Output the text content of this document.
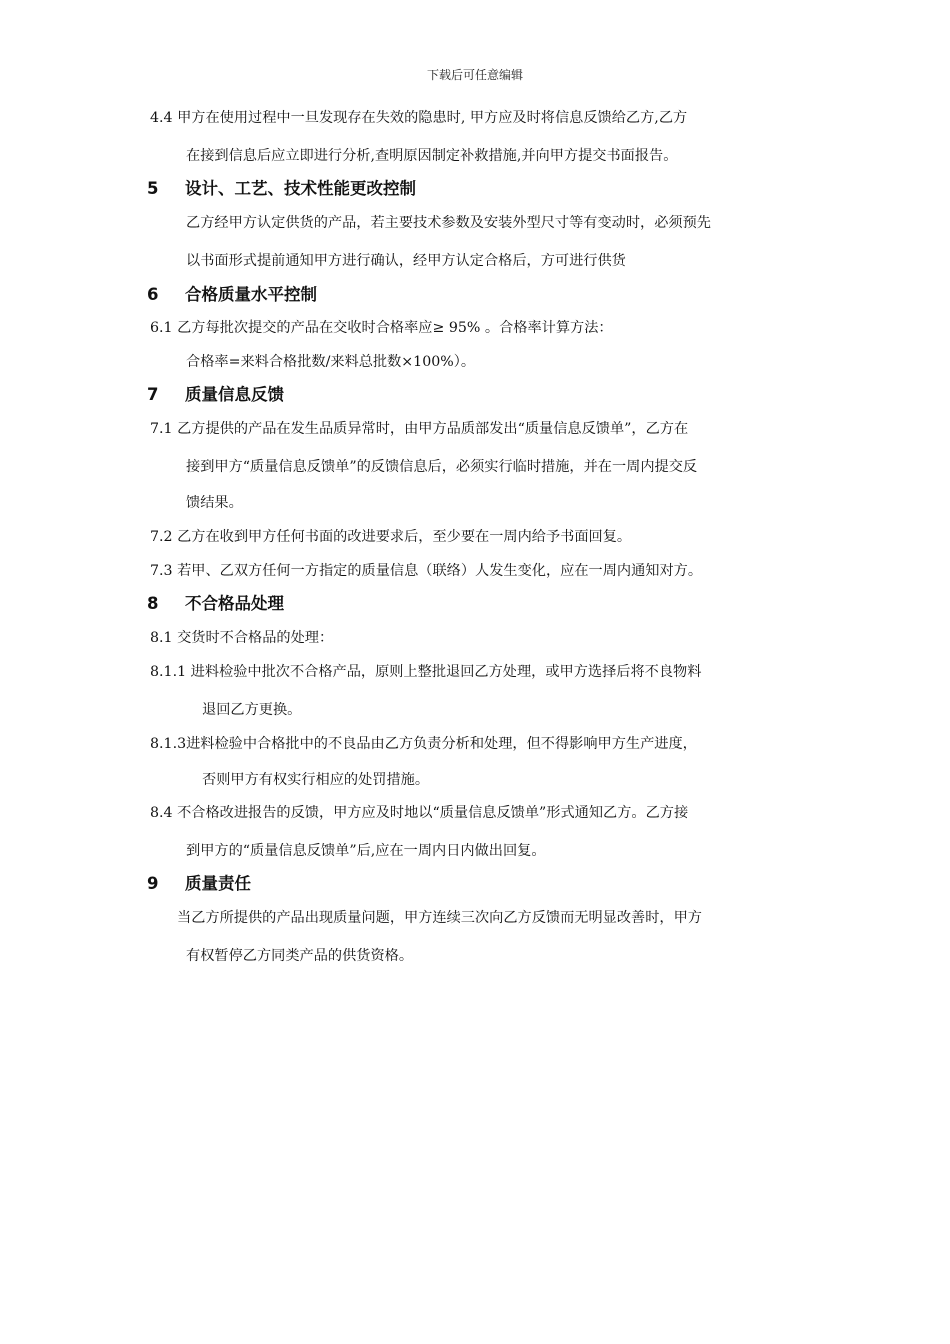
下载后可任意编辑
4.4 甲方在使用过程中一旦发现存在失效的隐患时, 甲方应及时将信息反馈给乙方,乙方
在接到信息后应立即进行分析,查明原因制定补救措施,并向甲方提交书面报告。
5 设计、工艺、技术性能更改控制
乙方经甲方认定供货的产品，若主要技术参数及安装外型尺寸等有变动时，必须预先
以书面形式提前通知甲方进行确认，经甲方认定合格后，方可进行供货
6 合格质量水平控制
6.1 乙方每批次提交的产品在交收时合格率应≥ 95% 。合格率计算方法：
合格率=来料合格批数/来料总批数×100%）。
7 质量信息反馈
7.1 乙方提供的产品在发生品质异常时，由甲方品质部发出“质量信息反馈单”，乙方在
接到甲方“质量信息反馈单”的反馈信息后，必须实行临时措施，并在一周内提交反
馈结果。
7.2 乙方在收到甲方任何书面的改进要求后，至少要在一周内给予书面回复。
7.3 若甲、乙双方任何一方指定的质量信息（联络）人发生变化，应在一周内通知对方。
8 不合格品处理
8.1 交货时不合格品的处理：
8.1.1 进料检验中批次不合格产品，原则上整批退回乙方处理，或甲方选择后将不良物料
退回乙方更换。
8.1.3进料检验中合格批中的不良品由乙方负责分析和处理，但不得影响甲方生产进度，
否则甲方有权实行相应的处罚措施。
8.4 不合格改进报告的反馈，甲方应及时地以“质量信息反馈单”形式通知乙方。乙方接
到甲方的“质量信息反馈单”后,应在一周内日内做出回复。
9 质量责任
当乙方所提供的产品出现质量问题，甲方连续三次向乙方反馈而无明显改善时，甲方
有权暂停乙方同类产品的供货资格。
